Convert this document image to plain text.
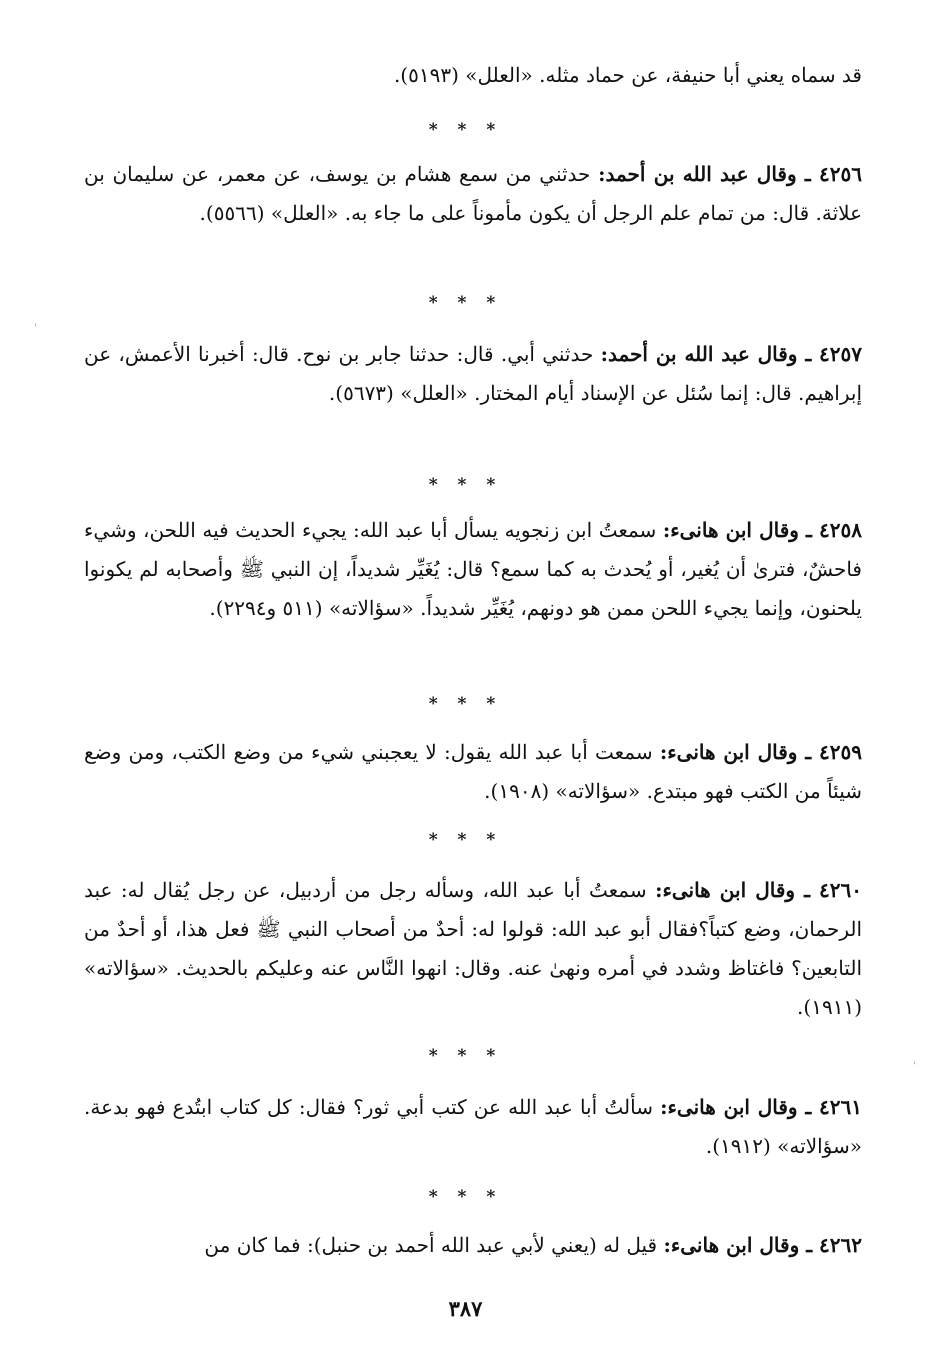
قد سماه يعني أبا حنيفة، عن حماد مثله. «العلل» (٥١٩٣).

* * *

٤٢٥٦ ـ وقال عبد الله بن أحمد: حدثني من سمع هشام بن يوسف، عن معمر، عن سليمان بن علاثة. قال: من تمام علم الرجل أن يكون مأموناً على ما جاء به. «العلل» (٥٥٦٦).

* * *

٤٢٥٧ ـ وقال عبد الله بن أحمد: حدثني أبي. قال: حدثنا جابر بن نوح. قال: أخبرنا الأعمش، عن إبراهيم. قال: إنما سُئل عن الإسناد أيام المختار. «العلل» (٥٦٧٣).

* * *

٤٢٥٨ ـ وقال ابن هانىء: سمعتُ ابن زنجويه يسأل أبا عبد الله: يجيء الحديث فيه اللحن، وشيء فاحشٌ، فترىٰ أن يُغير، أو يُحدث به كما سمع؟ قال: يُغَيِّر شديداً، إن النبي ﷺ وأصحابه لم يكونوا يلحنون، وإنما يجيء اللحن ممن هو دونهم، يُغَيِّر شديداً. «سؤالاته» (٥١١ و٢٢٩٤).

* * *

٤٢٥٩ ـ وقال ابن هانىء: سمعت أبا عبد الله يقول: لا يعجبني شيء من وضع الكتب، ومن وضع شيئاً من الكتب فهو مبتدع. «سؤالاته» (١٩٠٨).

* * *

٤٢٦٠ ـ وقال ابن هانىء: سمعتُ أبا عبد الله، وسأله رجل من أردبيل، عن رجل يُقال له: عبد الرحمان، وضع كتباً؟فقال أبو عبد الله: قولوا له: أحدٌ من أصحاب النبي ﷺ فعل هذا، أو أحدٌ من التابعين؟ فاغتاظ وشدد في أمره ونهىٰ عنه. وقال: انهوا النَّاس عنه وعليكم بالحديث. «سؤالاته» (١٩١١).

* * *

٤٢٦١ ـ وقال ابن هانىء: سألتُ أبا عبد الله عن كتب أبي ثور؟ فقال: كل كتاب ابتُدع فهو بدعة. «سؤالاته» (١٩١٢).

* * *

٤٢٦٢ ـ وقال ابن هانىء: قيل له (يعني لأبي عبد الله أحمد بن حنبل): فما كان من

٣٨٧
'
'
